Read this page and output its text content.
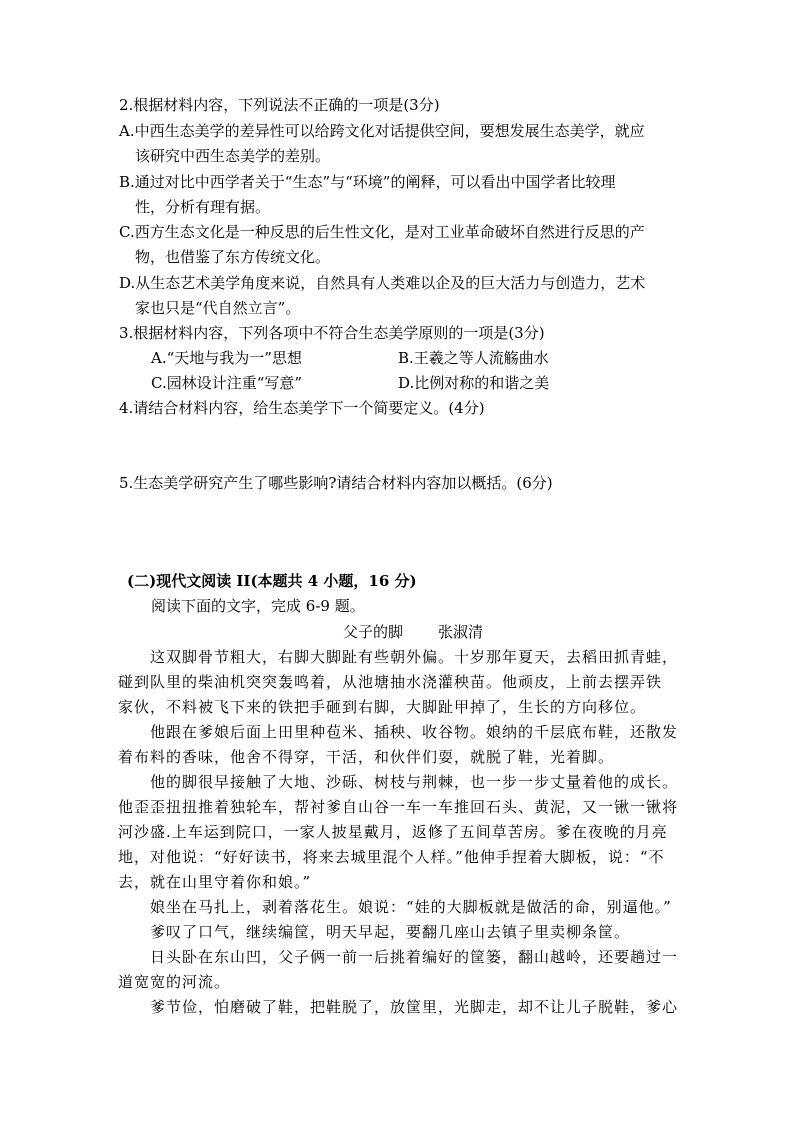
2.根据材料内容，下列说法不正确的一项是(3分)
A.中西生态美学的差异性可以给跨文化对话提供空间，要想发展生态美学，就应
该研究中西生态美学的差别。
B.通过对比中西学者关于“生态”与“环境”的阐释，可以看出中国学者比较理
性，分析有理有据。
C.西方生态文化是一种反思的后生性文化，是对工业革命破坏自然进行反思的产
物，也借鉴了东方传统文化。
D.从生态艺术美学角度来说，自然具有人类难以企及的巨大活力与创造力，艺术
家也只是“代自然立言”。
3.根据材料内容，下列各项中不符合生态美学原则的一项是(3分)
A.“天地与我为一”思想	B.王羲之等人流觞曲水
C.园林设计注重“写意”	D.比例对称的和谐之美
4.请结合材料内容，给生态美学下一个简要定义。(4分)
5.生态美学研究产生了哪些影响?请结合材料内容加以概括。(6分)
(二)现代文阅读 II(本题共 4 小题，16 分)
阅读下面的文字，完成 6-9 题。
父子的脚 张淑清
这双脚骨节粗大，右脚大脚趾有些朝外偏。十岁那年夏天，去稻田抓青蛙，
碰到队里的柴油机突突轰鸣着，从池塘抽水浇灌秧苗。他顽皮，上前去摆弄铁
家伙，不料被飞下来的铁把手砸到右脚，大脚趾甲掉了，生长的方向移位。
他跟在爹娘后面上田里种苞米、插秧、收谷物。娘纳的千层底布鞋，还散发
着布料的香味，他舍不得穿，干活，和伙伴们耍，就脱了鞋，光着脚。
他的脚很早接触了大地、沙砾、树枝与荆棘，也一步一步丈量着他的成长。
他歪歪扭扭推着独轮车，帮衬爹自山谷一车一车推回石头、黄泥，又一锹一锹将
河沙盛.上车运到院口，一家人披星戴月，返修了五间草苦房。爹在夜晚的月亮
地，对他说：“好好读书，将来去城里混个人样。”他伸手捏着大脚板，说：“不
去，就在山里守着你和娘。”
娘坐在马扎上，剥着落花生。娘说：“娃的大脚板就是做活的命，别逼他。”
爹叹了口气，继续编筐，明天早起，要翻几座山去镇子里卖柳条筐。
日头卧在东山凹，父子俩一前一后挑着编好的筐篓，翻山越岭，还要趟过一
道宽宽的河流。
爹节俭，怕磨破了鞋，把鞋脱了，放筐里，光脚走，却不让儿子脱鞋，爹心
